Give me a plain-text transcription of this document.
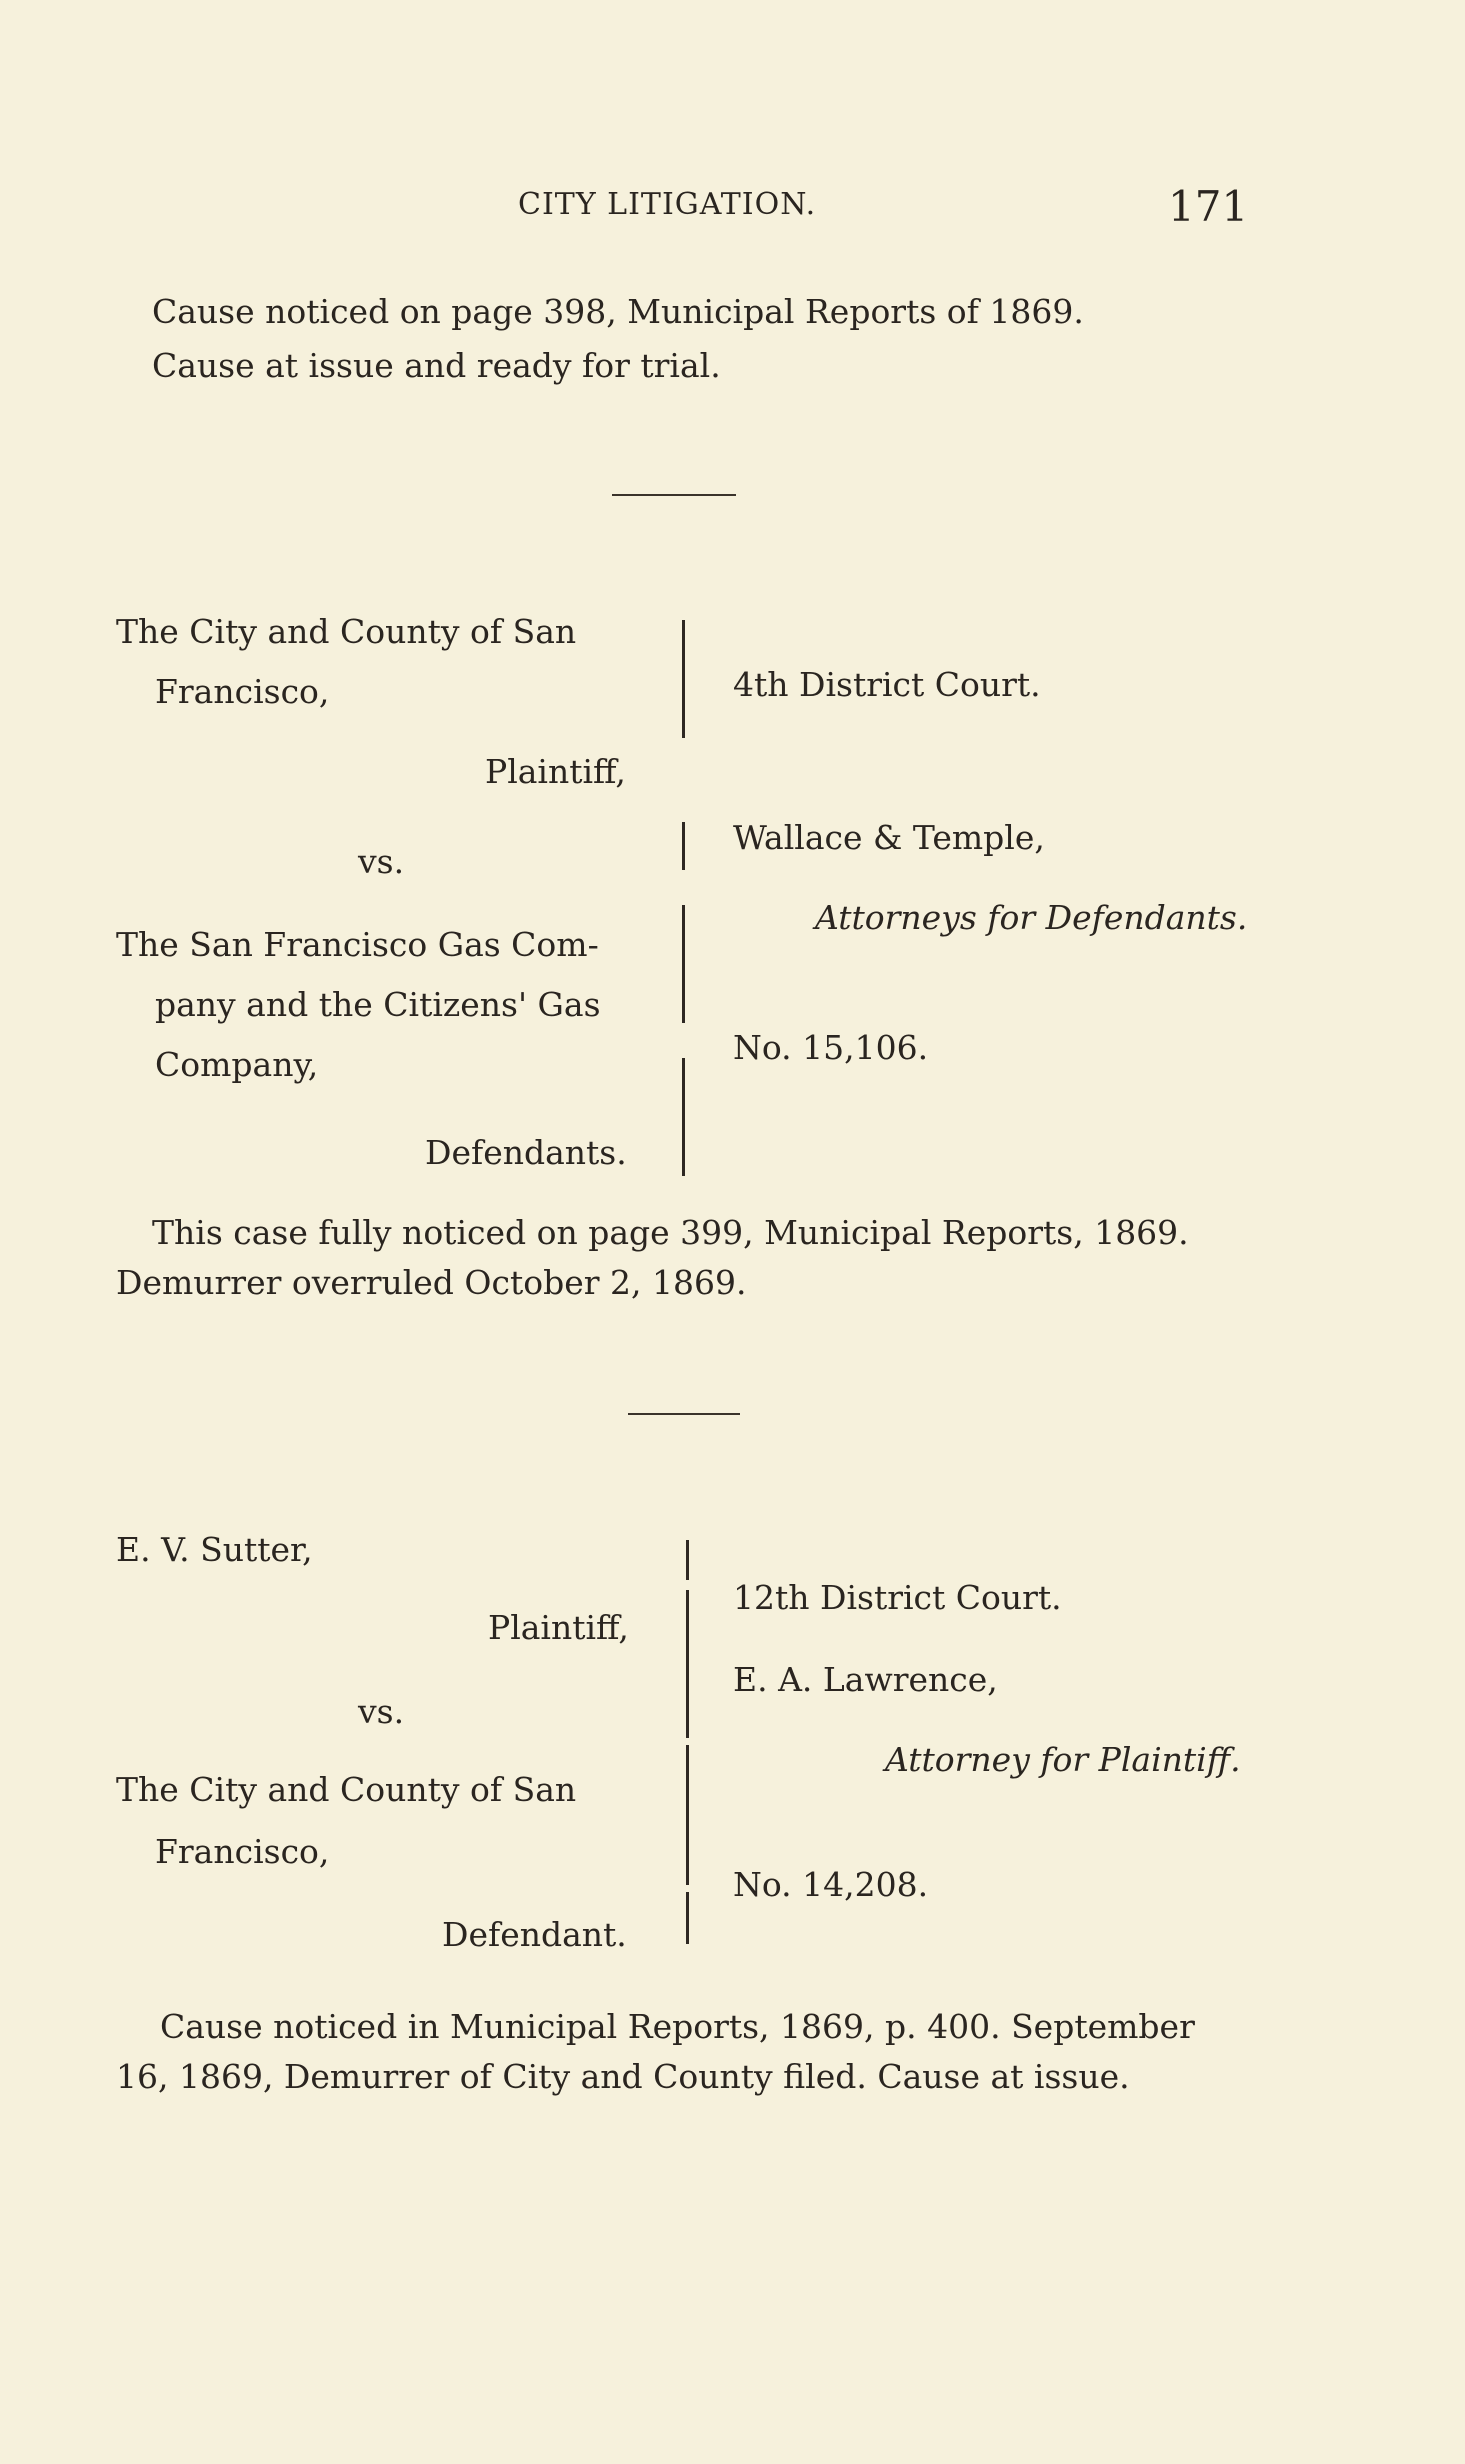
CITY LITIGATION.	171
Cause noticed on page 398, Municipal Reports of 1869.
Cause at issue and ready for trial.
The City and County of San
Francisco,
Plaintiff,
vs.
The San Francisco Gas Com-
pany and the Citizens' Gas
Company,
Defendants.
4th District Court.
Wallace & Temple,
Attorneys for Defendants.
No. 15,106.
This case fully noticed on page 399, Municipal Reports, 1869.
Demurrer overruled October 2, 1869.
E. V. Sutter,
Plaintiff,
vs.
The City and County of San
Francisco,
Defendant.
12th District Court.
E. A. Lawrence,
Attorney for Plaintiff.
No. 14,208.
Cause noticed in Municipal Reports, 1869, p. 400. September
16, 1869, Demurrer of City and County filed. Cause at issue.
